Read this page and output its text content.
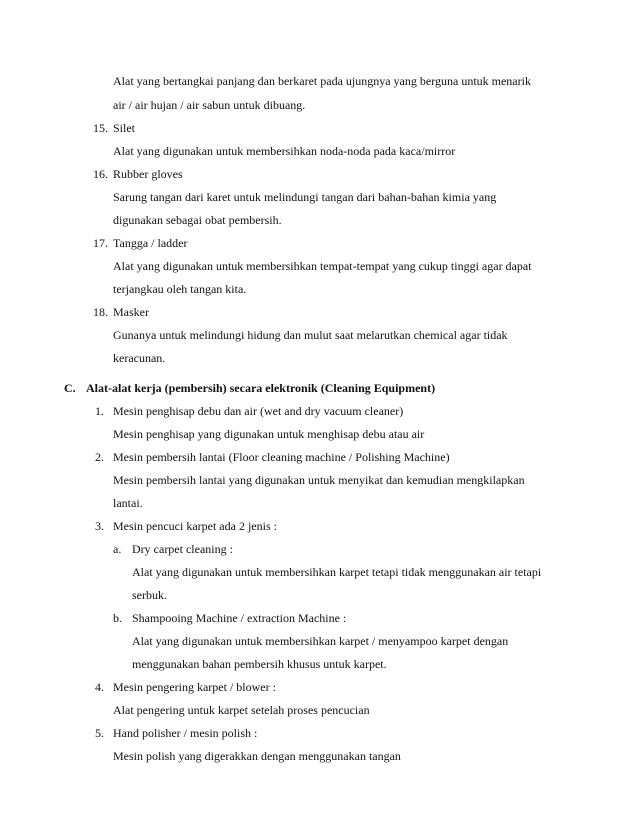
Alat yang bertangkai panjang dan berkaret pada ujungnya yang berguna untuk menarik
air / air hujan / air sabun untuk dibuang.
15. Silet
Alat yang digunakan untuk membersihkan noda-noda pada kaca/mirror
16. Rubber gloves
Sarung tangan dari karet untuk melindungi tangan dari bahan-bahan kimia yang
digunakan sebagai obat pembersih.
17. Tangga / ladder
Alat yang digunakan untuk membersihkan tempat-tempat yang cukup tinggi agar dapat
terjangkau oleh tangan kita.
18. Masker
Gunanya untuk melindungi hidung dan mulut saat melarutkan chemical agar tidak
keracunan.
C. Alat-alat kerja (pembersih) secara elektronik (Cleaning Equipment)
1. Mesin penghisap debu dan air (wet and dry vacuum cleaner)
Mesin penghisap yang digunakan untuk menghisap debu atau air
2. Mesin pembersih lantai (Floor cleaning machine / Polishing Machine)
Mesin pembersih lantai yang digunakan untuk menyikat dan kemudian mengkilapkan
lantai.
3. Mesin pencuci karpet ada 2 jenis :
a. Dry carpet cleaning :
Alat yang digunakan untuk membersihkan karpet tetapi tidak menggunakan air tetapi
serbuk.
b. Shampooing Machine / extraction Machine :
Alat yang digunakan untuk membersihkan karpet / menyampoo karpet dengan
menggunakan bahan pembersih khusus untuk karpet.
4. Mesin pengering karpet / blower :
Alat pengering untuk karpet setelah proses pencucian
5. Hand polisher / mesin polish :
Mesin polish yang digerakkan dengan menggunakan tangan
